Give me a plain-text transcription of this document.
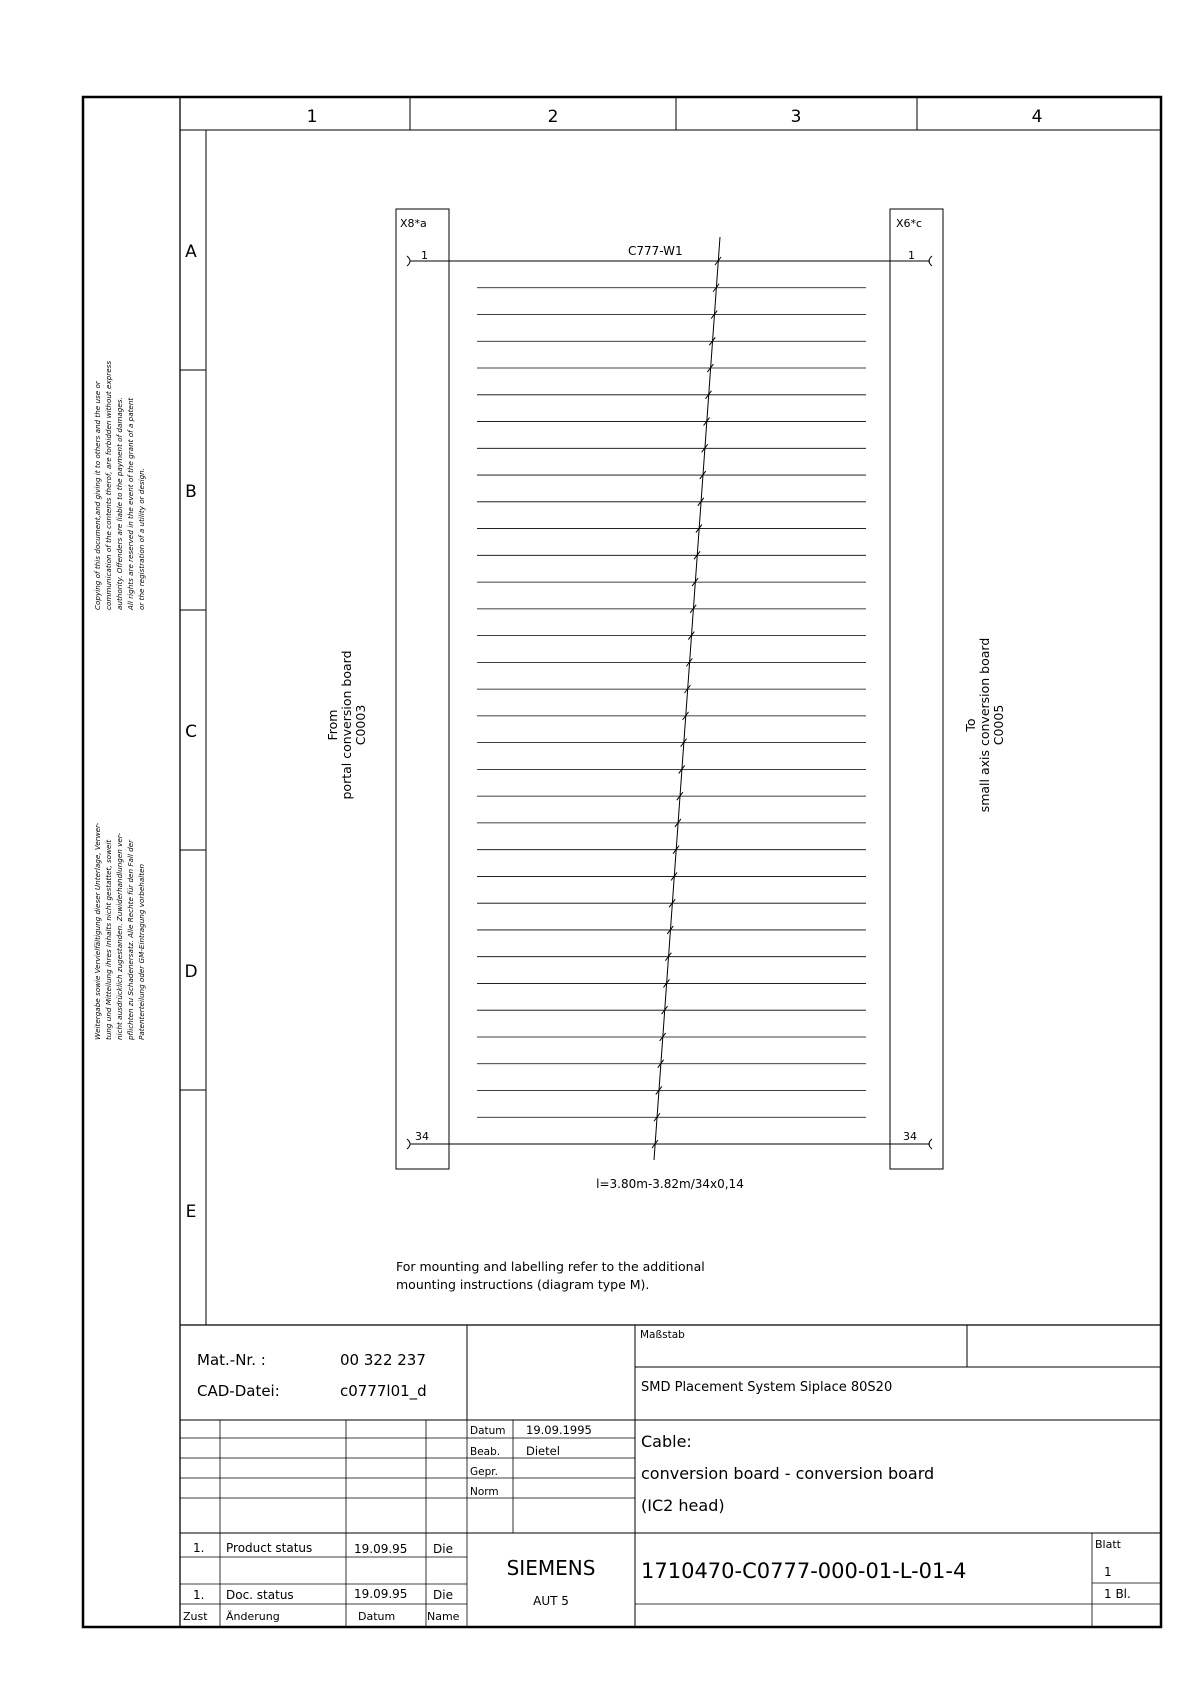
1	2	3	4
A
B
C
D
E
Copying of this document,and giving it to others and the use or communication of the contents therof, are forbidden without express authority. Offenders are liable to the payment of damages. All rights are reserved in the event of the grant of a patent or the registration of a utility or design.
Weitergabe sowie Vervielfältigung dieser Unterlage, Verwer- tung und Mitteilung ihres Inhalts nicht gestattet, soweit nicht ausdrücklich zugestanden. Zuwiderhandlungen ver- pflichten zu Schadenersatz. Alle Rechte für den Fall der Patenterteilung oder GM-Eintragung vorbehalten
X8*a	X6*c
C777-W1
1	1
34	34
From portal conversion board C0003	To small axis conversion board C0005
l=3.80m-3.82m/34x0,14
For mounting and labelling refer to the additional
mounting instructions (diagram type M).
Mat.-Nr. :	00 322 237
CAD-Datei:	c0777l01_d
Maßstab
SMD Placement System Siplace 80S20
Datum 19.09.1995
Beab. Dietel
Gepr.
Norm
Cable:
conversion board - conversion board
(IC2 head)
1. Product status	19.09.95 Die
1. Doc. status	19.09.95 Die
Zust Änderung	Datum	Name
SIEMENS
AUT 5
1710470-C0777-000-01-L-01-4
Blatt
1
1 Bl.
